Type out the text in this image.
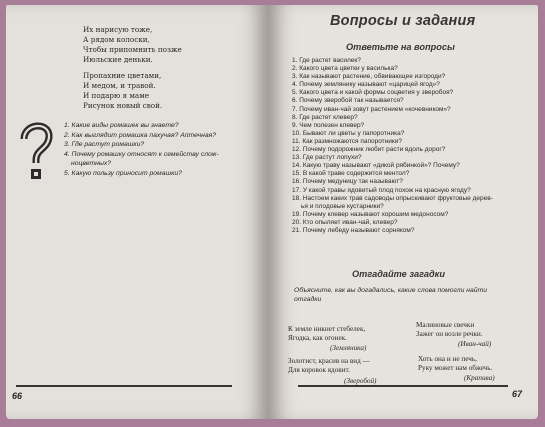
Их нарисую тоже,
А рядом колоски,
Чтобы припомнить позже
Июльские деньки.
Пропахние цветами,
И медом, и травой.
И подарю я маме
Рисунок новый свой.
1. Какие виды ромашек вы знаете?
2. Как выглядит ромашка пахучая? Аптечная?
3. Где растут ромашки?
4. Почему ромашку относят к семейству слож-
ноцветных?
5. Какую пользу приносит ромашки?
66
Вопросы и задания
Ответьте на вопросы
1. Где растет василек?
2. Какого цвета цветки у василька?
3. Как называют растение, обвивающее изгороди?
4. Почему землянику называют «царицей ягод»?
5. Какого цвета и какой формы соцветия у зверобоя?
6. Почему зверобой так называется?
7. Почему иван-чай зовут растением «кочевником»?
8. Где растет клевер?
9. Чем полезен клевер?
10. Бывают ли цветы у папоротника?
11. Как размножаются папоротники?
12. Почему подорожник любит расти вдоль дорог?
13. Где растут лопухи?
14. Какую траву называют «дикой рябинкой»? Почему?
15. В какой траве содержится ментол?
16. Почему медуницу так называют?
17. У какой травы ядовитый плод похож на красную ягоду?
18. Настоем каких трав садоводы опрыскивают фруктовые дерев-
ья и плодовые кустарники?
19. Почему клевер называют хорошим медоносом?
20. Кто опыляет иван-чай, клевер?
21. Почему лебеду называют сорняком?
Отгадайте загадки
Объясните, как вы догадались, какие слова помогли найти
отгадки
К земле никнет стебелек,
Ягодка, как огонек.
(Земляника)
Малиновые свечки
Зажег он возле речки.
(Иван-чай)
Золотист, красив на вид —
Для коровок ядовит.
(Зверобой)
Хоть она и не печь,
Руку может нам обжечь.
(Крапива)
67
